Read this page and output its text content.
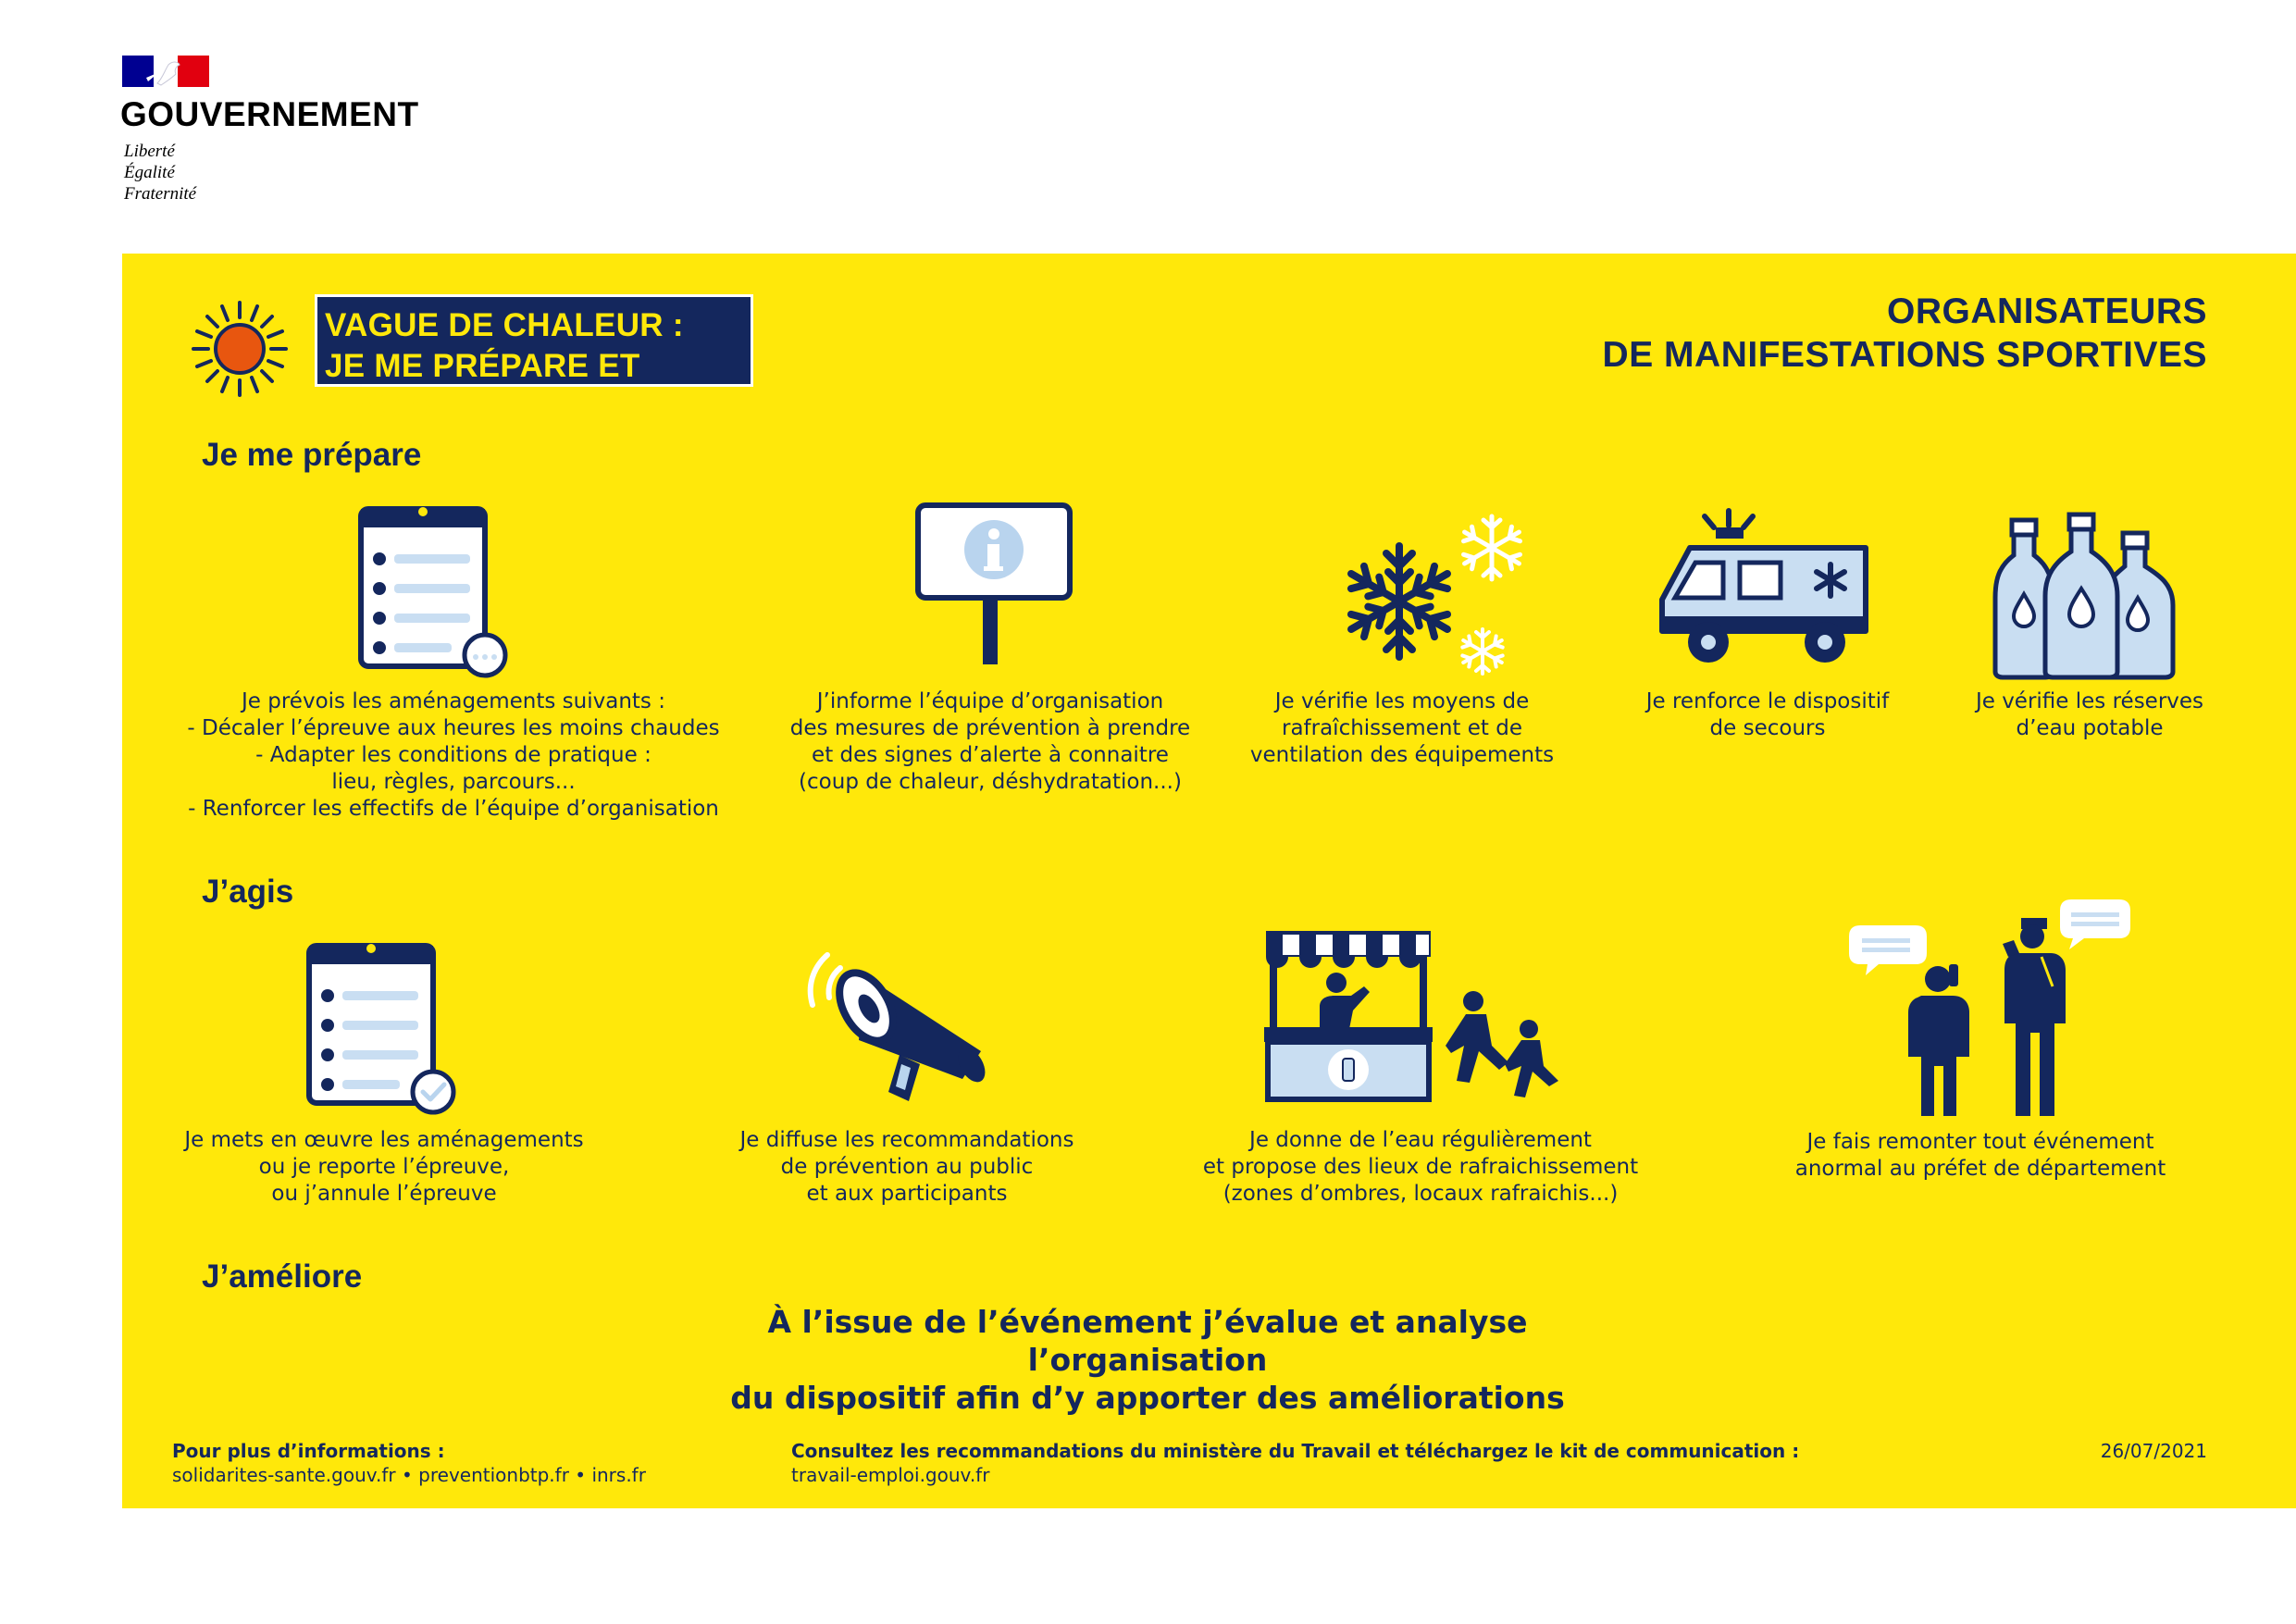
GOUVERNEMENT
Liberté
Égalité
Fraternité
VAGUE DE CHALEUR :
JE ME PRÉPARE ET J’AGIS
ORGANISATEURS
DE MANIFESTATIONS SPORTIVES
Je me prépare
Je prévois les aménagements suivants :
- Décaler l’épreuve aux heures les moins chaudes
- Adapter les conditions de pratique :
lieu, règles, parcours...
- Renforcer les effectifs de l’équipe d’organisation
J’informe l’équipe d’organisation
des mesures de prévention à prendre
et des signes d’alerte à connaitre
(coup de chaleur, déshydratation...)
Je vérifie les moyens de
rafraîchissement et de
ventilation des équipements
Je renforce le dispositif
de secours
Je vérifie les réserves
d’eau potable
J’agis
Je mets en œuvre les aménagements
ou je reporte l’épreuve,
ou j’annule l’épreuve
Je diffuse les recommandations
de prévention au public
et aux participants
Je donne de l’eau régulièrement
et propose des lieux de rafraichissement
(zones d’ombres, locaux rafraichis...)
Je fais remonter tout événement
anormal au préfet de département
J’améliore
À l’issue de l’événement j’évalue et analyse l’organisation
du dispositif afin d’y apporter des améliorations
Pour plus d’informations :
solidarites-sante.gouv.fr • preventionbtp.fr • inrs.fr
Consultez les recommandations du ministère du Travail et téléchargez le kit de communication :
travail-emploi.gouv.fr
26/07/2021
